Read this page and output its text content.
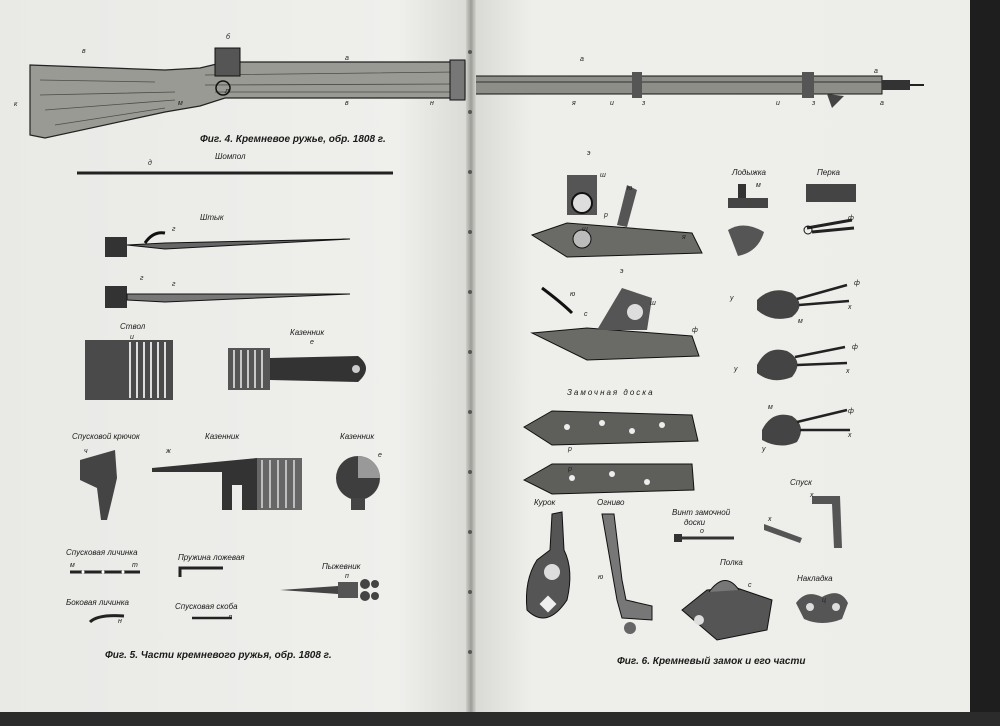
Фиг. 4. Кремневое ружье, обр. 1808 г.
Шомпол
Штык
Ствол
Казенник
Спусковой крючок	Казенник	Казенник
Спусковая личинка
Пружина ложевая
Пыжевник
Боковая личинка	Спусковая скоба
Фиг. 5. Части кремневого ружья, обр. 1808 г.
в
б
а
к	м
л
в	н
д
г
г
г
и
е
ч	ж
е
м	т
п
н
л
Замочная доска
Лодыжка	Перка
Курок	Огниво
Винт замочной
доски
Спуск
Полка
Накладка
Фиг. 6. Кремневый замок и его части
а
а
я	и	з	и	з	а
э
ш
ю
р
ш
я
м
ф
э
ю
с
ш
ф
у
ф
х
у
м
ф
х
у
м
ф
х
р
р
х
х
с
о
ю
ц
